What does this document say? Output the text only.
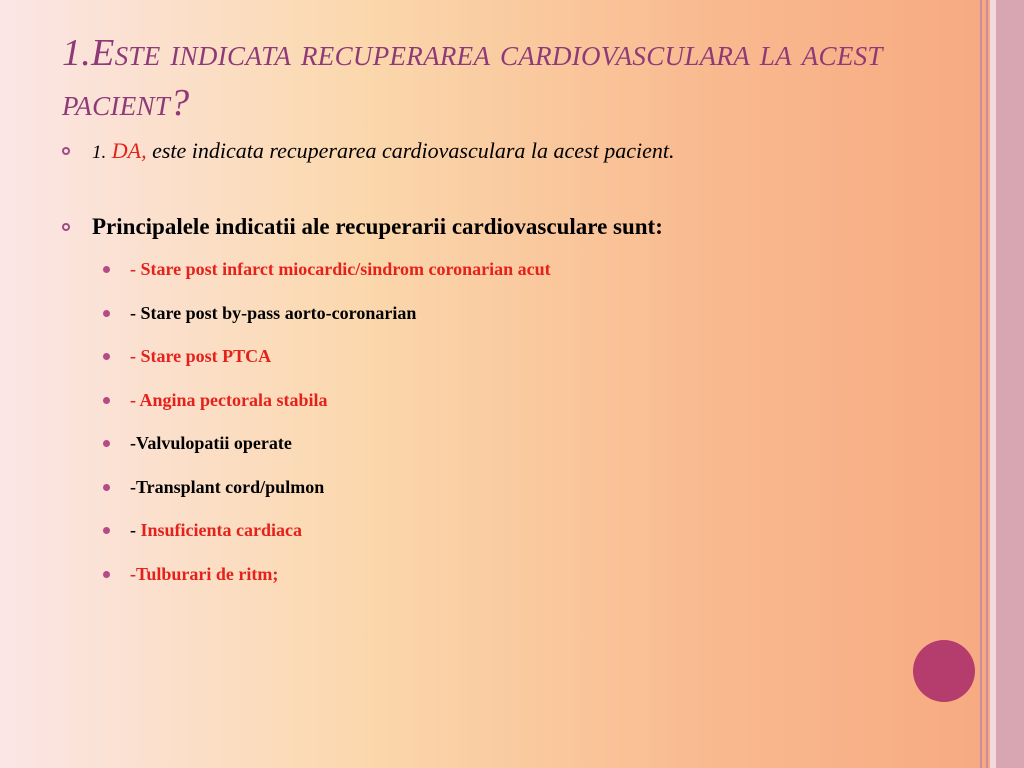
1.Este indicata recuperarea cardiovasculara la acest pacient?
1. DA, este indicata recuperarea cardiovasculara la acest pacient.
Principalele indicatii ale recuperarii cardiovasculare sunt:
- Stare post infarct miocardic/sindrom coronarian acut
- Stare post by-pass aorto-coronarian
- Stare post PTCA
- Angina pectorala stabila
-Valvulopatii operate
-Transplant cord/pulmon
- Insuficienta cardiaca
-Tulburari de ritm;
